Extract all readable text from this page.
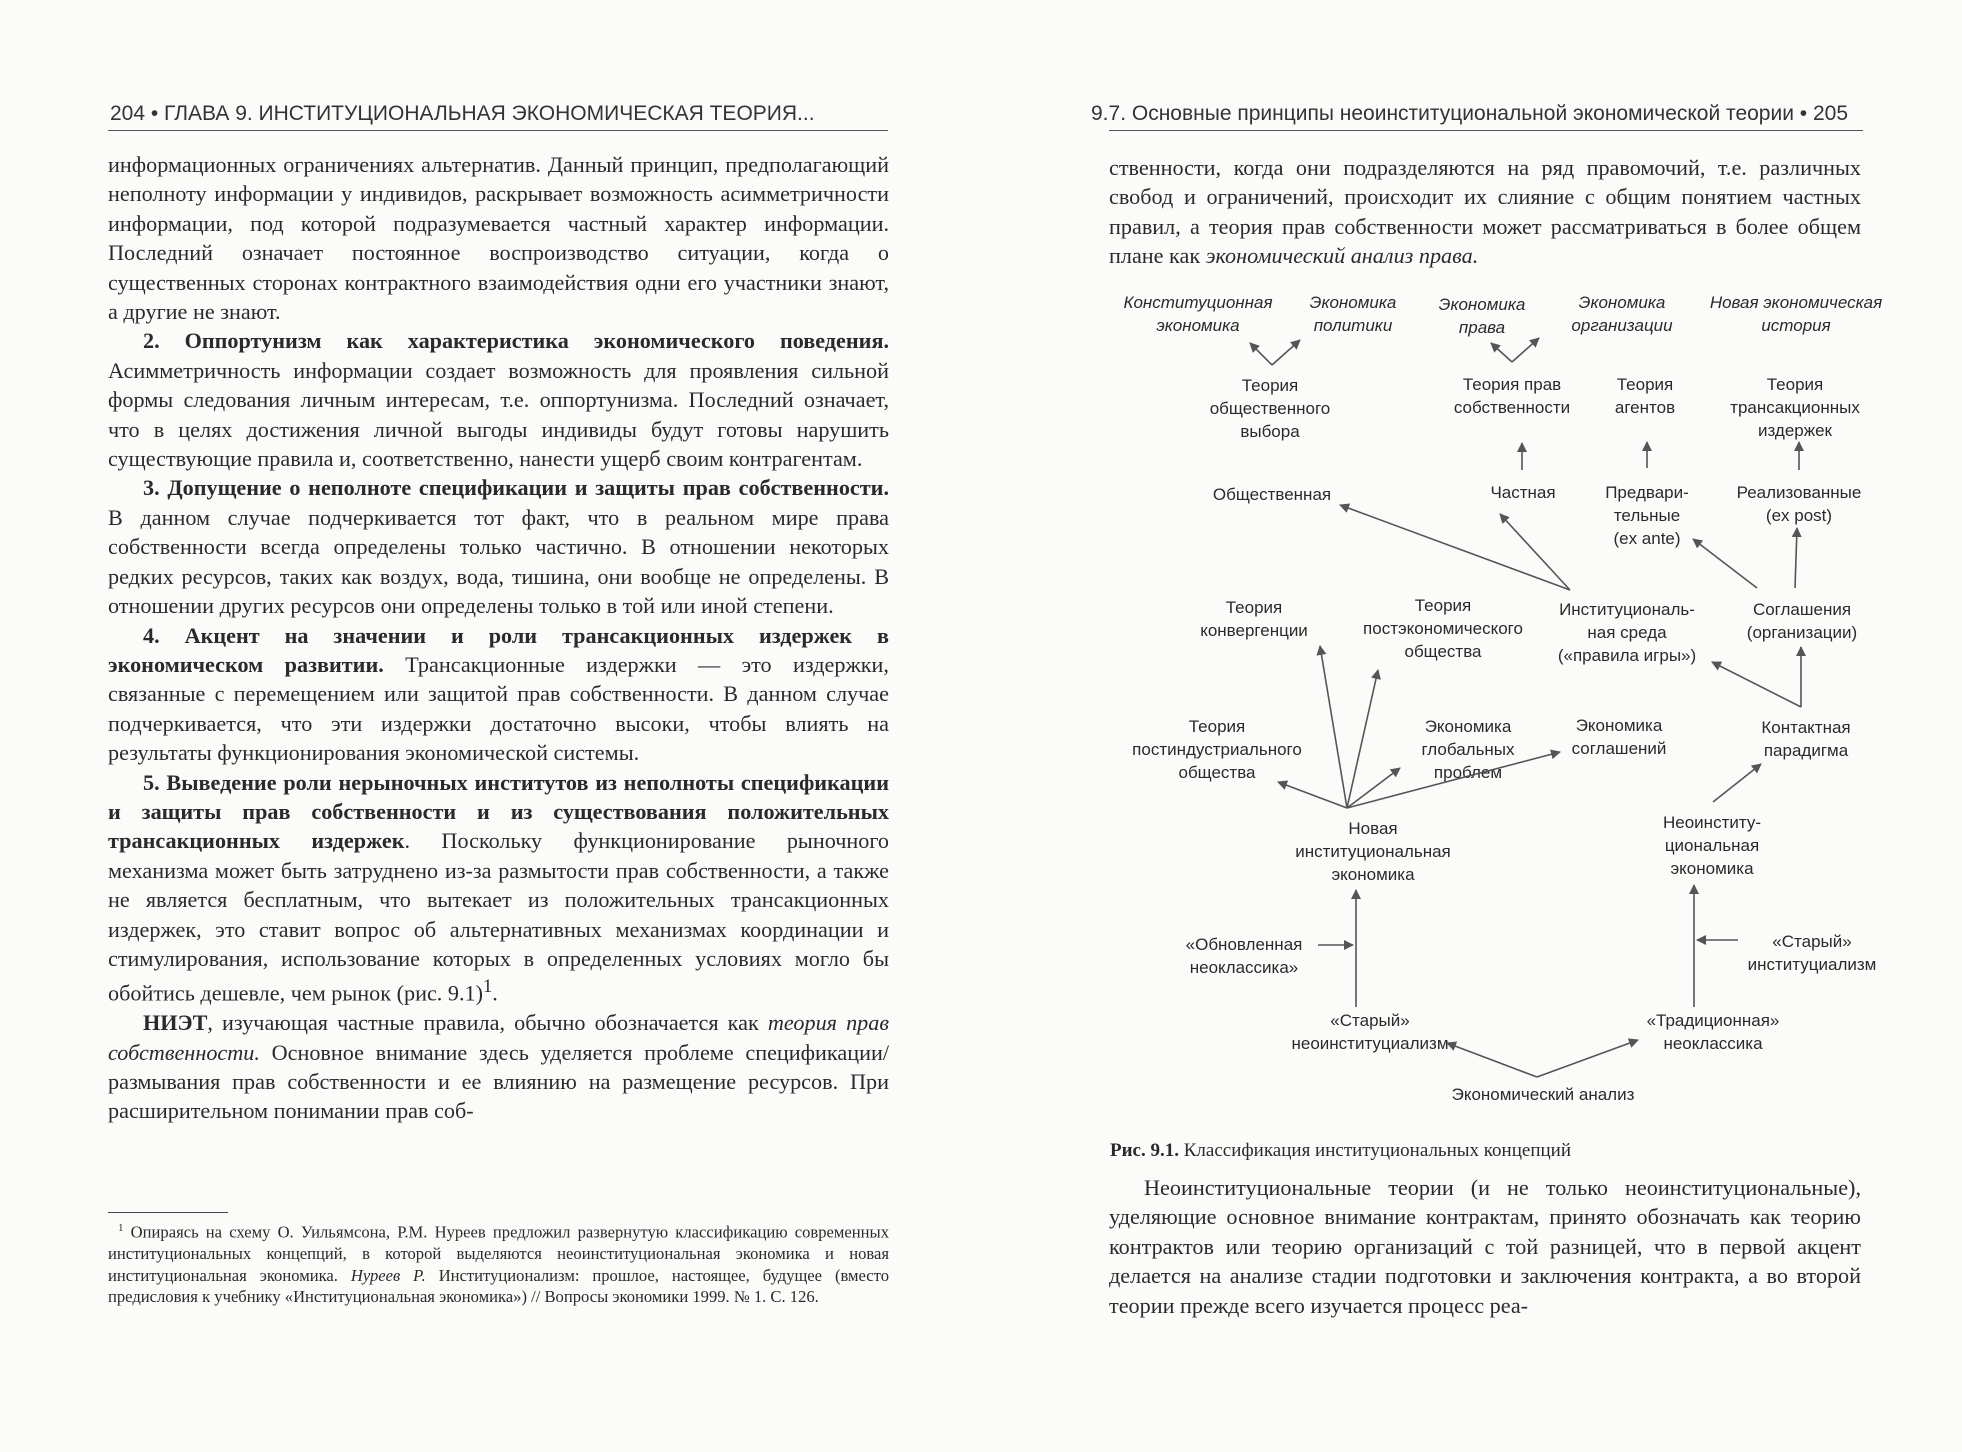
204 • ГЛАВА 9. ИНСТИТУЦИОНАЛЬНАЯ ЭКОНОМИЧЕСКАЯ ТЕОРИЯ...

информационных ограничениях альтернатив. Данный принцип, предполагающий неполноту информации у индивидов, раскрывает возможность асимметричности информации, под которой подразумевается частный характер информации. Последний означает постоянное воспроизводство ситуации, когда о существенных сторонах контрактного взаимодействия одни его участники знают, а другие не знают.

2. Оппортунизм как характеристика экономического поведения. Асимметричность информации создает возможность для проявления сильной формы следования личным интересам, т.е. оппортунизма. Последний означает, что в целях достижения личной выгоды индивиды будут готовы нарушить существующие правила и, соответственно, нанести ущерб своим контрагентам.

3. Допущение о неполноте спецификации и защиты прав собственности. В данном случае подчеркивается тот факт, что в реальном мире права собственности всегда определены только частично. В отношении некоторых редких ресурсов, таких как воздух, вода, тишина, они вообще не определены. В отношении других ресурсов они определены только в той или иной степени.

4. Акцент на значении и роли трансакционных издержек в экономическом развитии. Трансакционные издержки — это издержки, связанные с перемещением или защитой прав собственности. В данном случае подчеркивается, что эти издержки достаточно высоки, чтобы влиять на результаты функционирования экономической системы.

5. Выведение роли нерыночных институтов из неполноты спецификации и защиты прав собственности и из существования положительных трансакционных издержек. Поскольку функционирование рыночного механизма может быть затруднено из-за размытости прав собственности, а также не является бесплатным, что вытекает из положительных трансакционных издержек, это ставит вопрос об альтернативных механизмах координации и стимулирования, использование которых в определенных условиях могло бы обойтись дешевле, чем рынок (рис. 9.1)$^1$.

НИЭТ, изучающая частные правила, обычно обозначается как теория прав собственности. Основное внимание здесь уделяется проблеме спецификации/размывания прав собственности и ее влиянию на размещение ресурсов. При расширительном понимании прав соб-

$^1$ Опираясь на схему О. Уильямсона, Р.М. Нуреев предложил развернутую классификацию современных институциональных концепций, в которой выделяются неоинституциональная экономика и новая институциональная экономика. Нуреев Р. Институционализм: прошлое, настоящее, будущее (вместо предисловия к учебнику «Институциональная экономика») // Вопросы экономики 1999. № 1. С. 126.
9.7. Основные принципы неоинституциональной экономической теории • 205

ственности, когда они подразделяются на ряд правомочий, т.е. различных свобод и ограничений, происходит их слияние с общим понятием частных правил, а теория прав собственности может рассматриваться в более общем плане как экономический анализ права.

Неоинституциональные теории (и не только неоинституциональные), уделяющие основное внимание контрактам, принято обозначать как теорию контрактов или теорию организаций с той разницей, что в первой акцент делается на анализе стадии подготовки и заключения контракта, а во второй теории прежде всего изучается процесс реа-

Конституционная экономика
Экономика политики
Экономика права
Экономика организации
Новая экономическая история
Теория общественного выбора
Теория прав собственности
Теория агентов
Теория трансакционных издержек
Общественная	Частная	Предвари-тельные (ex ante)
Реализованные (ex post)
Теория конвергенции
Теория постэкономического общества
Институциональ-ная среда («правила игры»)
Соглашения (организации)
Теория постиндустриального общества
Экономика глобальных проблем
Экономика соглашений
Контактная парадигма
Новая институциональная экономика
Неоинститу-циональная экономика
«Обновленная неоклассика»
«Старый» институциализм
«Старый» неоинституциализм
«Традиционная» неоклассика
Экономический анализ
Рис. 9.1. Классификация институциональных концепций
